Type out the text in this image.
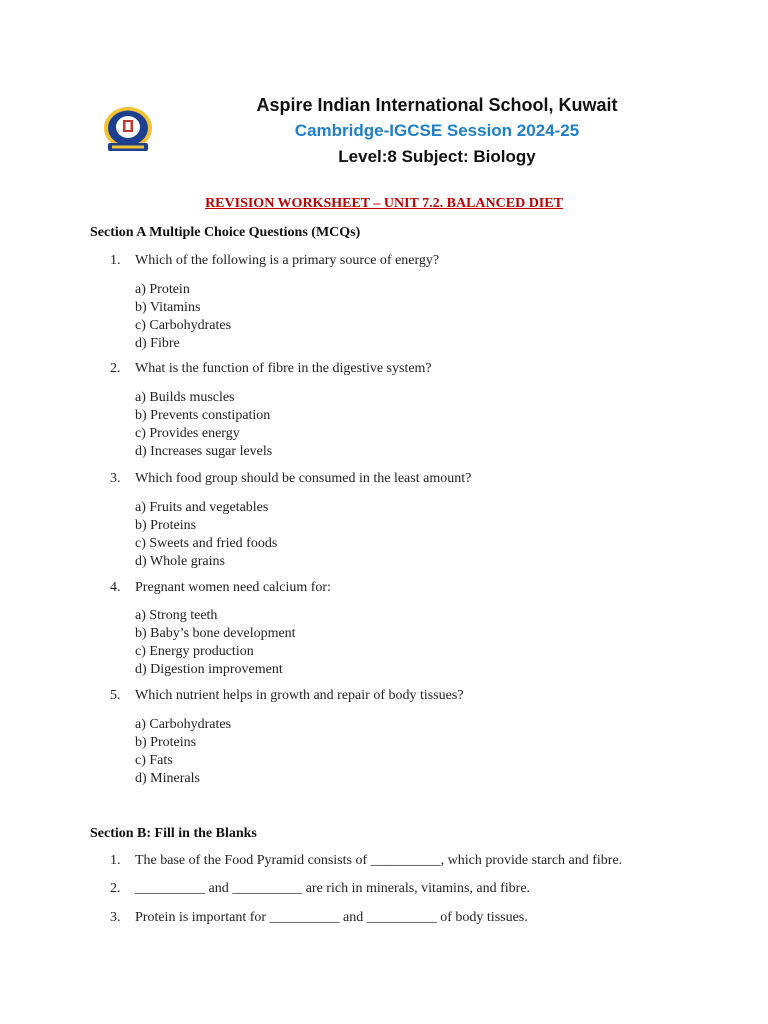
Aspire Indian International School, Kuwait
Cambridge-IGCSE Session 2024-25
Level:8 Subject: Biology
REVISION WORKSHEET – UNIT 7.2. BALANCED DIET
Section A Multiple Choice Questions (MCQs)
1. Which of the following is a primary source of energy?
a) Protein
b) Vitamins
c) Carbohydrates
d) Fibre
2. What is the function of fibre in the digestive system?
a) Builds muscles
b) Prevents constipation
c) Provides energy
d) Increases sugar levels
3. Which food group should be consumed in the least amount?
a) Fruits and vegetables
b) Proteins
c) Sweets and fried foods
d) Whole grains
4. Pregnant women need calcium for:
a) Strong teeth
b) Baby’s bone development
c) Energy production
d) Digestion improvement
5. Which nutrient helps in growth and repair of body tissues?
a) Carbohydrates
b) Proteins
c) Fats
d) Minerals
Section B: Fill in the Blanks
1. The base of the Food Pyramid consists of __________, which provide starch and fibre.
2. __________ and __________ are rich in minerals, vitamins, and fibre.
3. Protein is important for __________ and __________ of body tissues.
